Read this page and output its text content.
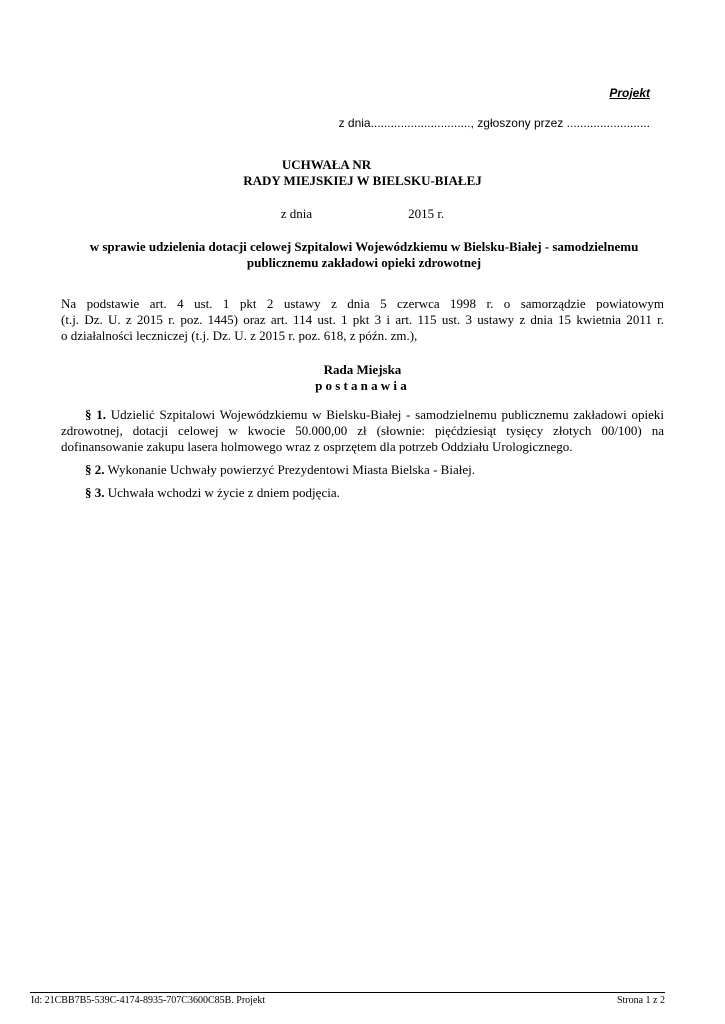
Projekt
z dnia.............................., zgłoszony przez .........................
UCHWAŁA NR
RADY MIEJSKIEJ W BIELSKU-BIAŁEJ
z dnia	2015 r.
w sprawie udzielenia dotacji celowej Szpitalowi Wojewódzkiemu w Bielsku-Białej - samodzielnemu
publicznemu zakładowi opieki zdrowotnej
Na podstawie art. 4 ust. 1 pkt 2 ustawy z dnia 5 czerwca 1998 r. o samorządzie powiatowym
(t.j. Dz. U. z 2015 r. poz. 1445) oraz art. 114 ust. 1 pkt 3 i art. 115 ust. 3 ustawy z dnia 15 kwietnia 2011 r.
o działalności leczniczej (t.j. Dz. U. z 2015 r. poz. 618, z późn. zm.),
Rada Miejska
postanawia
§ 1. Udzielić Szpitalowi Wojewódzkiemu w Bielsku-Białej - samodzielnemu publicznemu zakładowi opieki zdrowotnej, dotacji celowej w kwocie 50.000,00 zł (słownie: pięćdziesiąt tysięcy złotych 00/100) na dofinansowanie zakupu lasera holmowego wraz z osprzętem dla potrzeb Oddziału Urologicznego.
§ 2. Wykonanie Uchwały powierzyć Prezydentowi Miasta Bielska - Białej.
§ 3. Uchwała wchodzi w życie z dniem podjęcia.
Id: 21CBB7B5-539C-4174-8935-707C3600C85B. Projekt	Strona 1 z 2
